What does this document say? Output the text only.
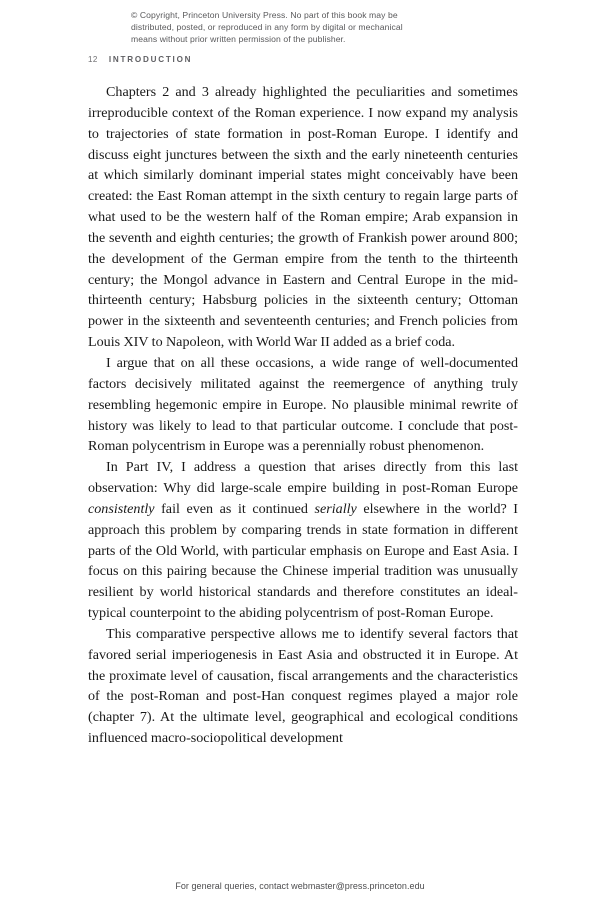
© Copyright, Princeton University Press. No part of this book may be
distributed, posted, or reproduced in any form by digital or mechanical
means without prior written permission of the publisher.
12 INTRODUCTION

Chapters 2 and 3 already highlighted the peculiarities and sometimes irreproducible context of the Roman experience. I now expand my analysis to trajectories of state formation in post-Roman Europe. I identify and discuss eight junctures between the sixth and the early nineteenth centuries at which similarly dominant imperial states might conceivably have been created: the East Roman attempt in the sixth century to regain large parts of what used to be the western half of the Roman empire; Arab expansion in the seventh and eighth centuries; the growth of Frankish power around 800; the development of the German empire from the tenth to the thirteenth century; the Mongol advance in Eastern and Central Europe in the mid-thirteenth century; Habsburg policies in the sixteenth century; Ottoman power in the sixteenth and seventeenth centuries; and French policies from Louis XIV to Napoleon, with World War II added as a brief coda.

I argue that on all these occasions, a wide range of well-documented factors decisively militated against the reemergence of anything truly resembling hegemonic empire in Europe. No plausible minimal rewrite of history was likely to lead to that particular outcome. I conclude that post-Roman polycentrism in Europe was a perennially robust phenomenon.

In Part IV, I address a question that arises directly from this last observation: Why did large-scale empire building in post-Roman Europe consistently fail even as it continued serially elsewhere in the world? I approach this problem by comparing trends in state formation in different parts of the Old World, with particular emphasis on Europe and East Asia. I focus on this pairing because the Chinese imperial tradition was unusually resilient by world historical standards and therefore constitutes an ideal-typical counterpoint to the abiding polycentrism of post-Roman Europe.

This comparative perspective allows me to identify several factors that favored serial imperiogenesis in East Asia and obstructed it in Europe. At the proximate level of causation, fiscal arrangements and the characteristics of the post-Roman and post-Han conquest regimes played a major role (chapter 7). At the ultimate level, geographical and ecological conditions influenced macro-sociopolitical development

For general queries, contact webmaster@press.princeton.edu
